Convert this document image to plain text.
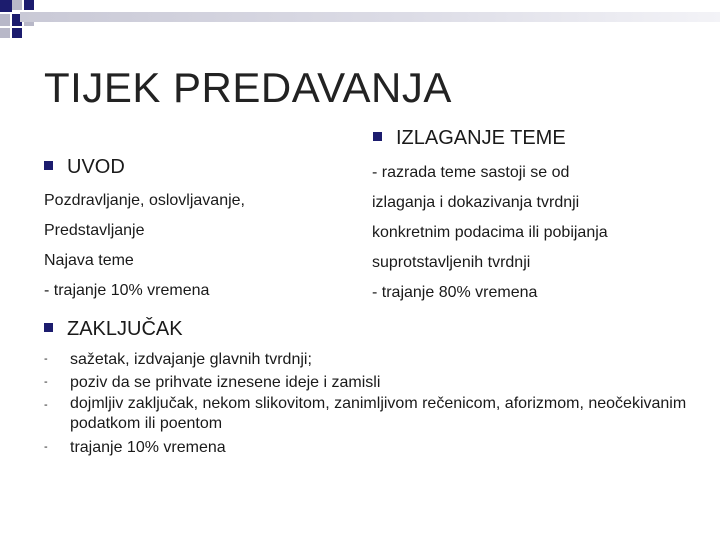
TIJEK PREDAVANJA
UVOD
Pozdravljanje, oslovljavanje,
Predstavljanje
Najava teme
- trajanje 10% vremena
IZLAGANJE TEME
- razrada teme sastoji se od
izlaganja i dokazivanja tvrdnji
konkretnim podacima ili pobijanja
suprotstavljenih tvrdnji
- trajanje 80% vremena
ZAKLJUČAK
- sažetak, izdvajanje glavnih tvrdnji;
- poziv da se prihvate iznesene ideje i zamisli
- dojmljiv zaključak, nekom slikovitom, zanimljivom rečenicom, aforizmom, neočekivanim podatkom ili poentom
- trajanje 10% vremena
